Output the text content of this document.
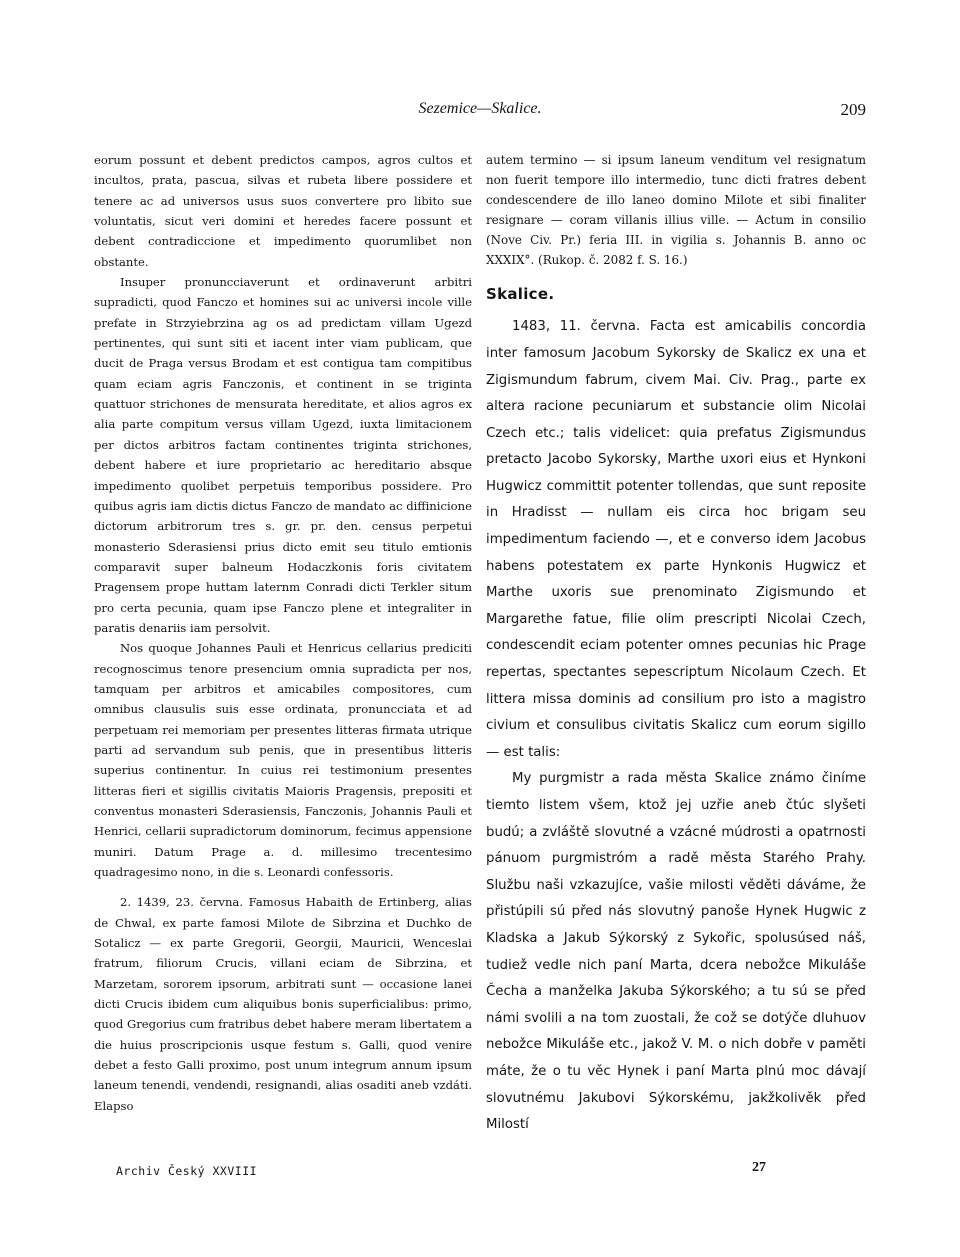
Sezemice—Skalice.	209

eorum possunt et debent predictos campos, agros cultos et incultos, prata, pascua, silvas et rubeta libere possidere et tenere ac ad universos usus suos convertere pro libito sue voluntatis, sicut veri domini et heredes facere possunt et debent contradiccione et impedimento quorumlibet non obstante.

Insuper pronuncciaverunt et ordinaverunt arbitri supradicti, quod Fanczo et homines sui ac universi incole ville prefate in Strzyiebrzina ag os ad predictam villam Ugezd pertinentes, qui sunt siti et iacent inter viam publicam, que ducit de Praga versus Brodam et est contigua tam compitibus quam eciam agris Fanczonis, et continent in se triginta quattuor strichones de mensurata hereditate, et alios agros ex alia parte compitum versus villam Ugezd, iuxta limitacionem per dictos arbitros factam continentes triginta strichones, debent habere et iure proprietario ac hereditario absque impedimento quolibet perpetuis temporibus possidere. Pro quibus agris iam dictis dictus Fanczo de mandato ac diffinicione dictorum arbitrorum tres s. gr. pr. den. census perpetui monasterio Sderasiensi prius dicto emit seu titulo emtionis comparavit super balneum Hodaczkonis foris civitatem Pragensem prope huttam laternm Conradi dicti Terkler situm pro certa pecunia, quam ipse Fanczo plene et integraliter in paratis denariis iam persolvit.

Nos quoque Johannes Pauli et Henricus cellarius prediciti recognoscimus tenore presencium omnia supradicta per nos, tamquam per arbitros et amicabiles compositores, cum omnibus clausulis suis esse ordinata, pronuncciata et ad perpetuam rei memoriam per presentes litteras firmata utrique parti ad servandum sub penis, que in presentibus litteris superius continentur. In cuius rei testimonium presentes litteras fieri et sigillis civitatis Maioris Pragensis, prepositi et conventus monasteri Sderasiensis, Fanczonis, Johannis Pauli et Henrici, cellarii supradictorum dominorum, fecimus appensione muniri. Datum Prage a. d. millesimo trecentesimo quadragesimo nono, in die s. Leonardi confessoris.

2. 1439, 23. června. Famosus Habaith de Ertinberg, alias de Chwal, ex parte famosi Milote de Sibrzina et Duchko de Sotalicz — ex parte Gregorii, Georgii, Mauricii, Wenceslai fratrum, filiorum Crucis, villani eciam de Sibrzina, et Marzetam, sororem ipsorum, arbitrati sunt — occasione lanei dicti Crucis ibidem cum aliquibus bonis superficialibus: primo, quod Gregorius cum fratribus debet habere meram libertatem a die huius proscripcionis usque festum s. Galli, quod venire debet a festo Galli proximo, post unum integrum annum ipsum laneum tenendi, vendendi, resignandi, alias osaditi aneb vzdáti. Elapso

autem termino — si ipsum laneum venditum vel resignatum non fuerit tempore illo intermedio, tunc dicti fratres debent condescendere de illo laneo domino Milote et sibi finaliter resignare — coram villanis illius ville. — Actum in consilio (Nove Civ. Pr.) feria III. in vigilia s. Johannis B. anno oc XXXIX°. (Rukop. č. 2082 f. S. 16.)

Skalice.

1483, 11. června. Facta est amicabilis concordia inter famosum Jacobum Sykorsky de Skalicz ex una et Zigismundum fabrum, civem Mai. Civ. Prag., parte ex altera racione pecuniarum et substancie olim Nicolai Czech etc.; talis videlicet: quia prefatus Zigismundus pretacto Jacobo Sykorsky, Marthe uxori eius et Hynkoni Hugwicz committit potenter tollendas, que sunt reposite in Hradisst — nullam eis circa hoc brigam seu impedimentum faciendo —, et e converso idem Jacobus habens potestatem ex parte Hynkonis Hugwicz et Marthe uxoris sue prenominato Zigismundo et Margarethe fatue, filie olim prescripti Nicolai Czech, condescendit eciam potenter omnes pecunias hic Prage repertas, spectantes sepescriptum Nicolaum Czech. Et littera missa dominis ad consilium pro isto a magistro civium et consulibus civitatis Skalicz cum eorum sigillo — est talis:

My purgmistr a rada města Skalice známo činíme tiemto listem všem, ktož jej uzřie aneb čtúc slyšeti budú; a zvláště slovutné a vzácné múdrosti a opatrnosti pánuom purgmistróm a radě města Starého Prahy. Službu naši vzkazujíce, vašie milosti věděti dáváme, že přistúpili sú před nás slovutný panoše Hynek Hugwic z Kladska a Jakub Sýkorský z Sykořic, spolusúsed náš, tudiež vedle nich paní Marta, dcera nebožce Mikuláše Čecha a manželka Jakuba Sýkorského; a tu sú se před námi svolili a na tom zuostali, že což se dotýče dluhuov nebožce Mikuláše etc., jakož V. M. o nich dobře v paměti máte, že o tu věc Hynek i paní Marta plnú moc dávají slovutnému Jakubovi Sýkorskému, jakžkolivěk před Milostí

Archiv Český XXVIII	27
